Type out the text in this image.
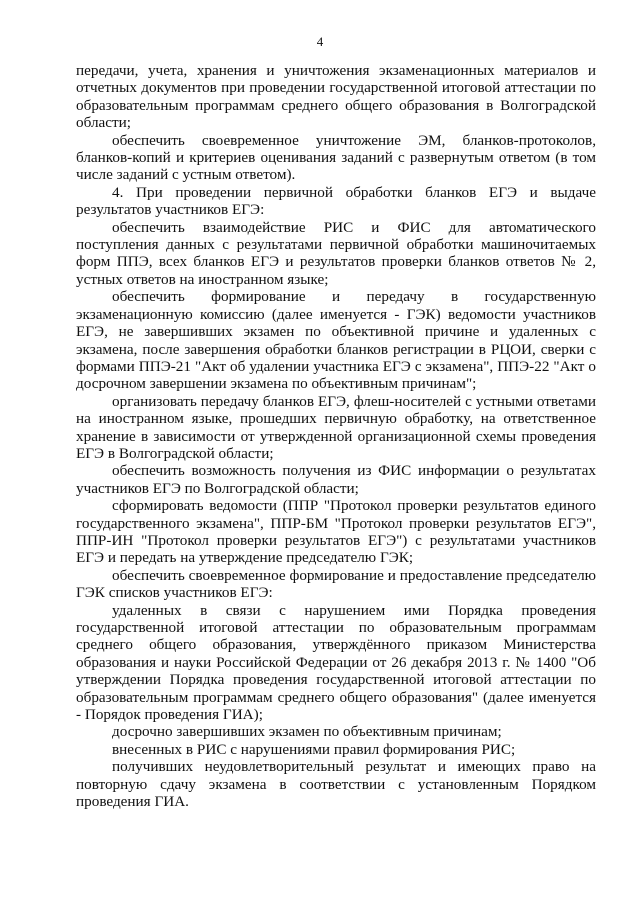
4

передачи, учета, хранения и уничтожения экзаменационных материалов и отчетных документов при проведении государственной итоговой аттестации по образовательным программам среднего общего образования в Волгоградской области;

обеспечить своевременное уничтожение ЭМ, бланков-протоколов, бланков-копий и критериев оценивания заданий с развернутым ответом (в том числе заданий с устным ответом).

4. При проведении первичной обработки бланков ЕГЭ и выдаче результатов участников ЕГЭ:

обеспечить взаимодействие РИС и ФИС для автоматического поступления данных с результатами первичной обработки машиночитаемых форм ППЭ, всех бланков ЕГЭ и результатов проверки бланков ответов № 2, устных ответов на иностранном языке;

обеспечить формирование и передачу в государственную экзаменационную комиссию (далее именуется - ГЭК) ведомости участников ЕГЭ, не завершивших экзамен по объективной причине и удаленных с экзамена, после завершения обработки бланков регистрации в РЦОИ, сверки с формами ППЭ-21 "Акт об удалении участника ЕГЭ с экзамена", ППЭ-22 "Акт о досрочном завершении экзамена по объективным причинам";

организовать передачу бланков ЕГЭ, флеш-носителей с устными ответами на иностранном языке, прошедших первичную обработку, на ответственное хранение в зависимости от утвержденной организационной схемы проведения ЕГЭ в Волгоградской области;

обеспечить возможность получения из ФИС информации о результатах участников ЕГЭ по Волгоградской области;

сформировать ведомости (ППР "Протокол проверки результатов единого государственного экзамена", ППР-БМ "Протокол проверки результатов ЕГЭ", ППР-ИН "Протокол проверки результатов ЕГЭ") с результатами участников ЕГЭ и передать на утверждение председателю ГЭК;

обеспечить своевременное формирование и предоставление председателю ГЭК списков участников ЕГЭ:

удаленных в связи с нарушением ими Порядка проведения государственной итоговой аттестации по образовательным программам среднего общего образования, утверждённого приказом Министерства образования и науки Российской Федерации от 26 декабря 2013 г. № 1400 "Об утверждении Порядка проведения государственной итоговой аттестации по образовательным программам среднего общего образования" (далее именуется - Порядок проведения ГИА);

досрочно завершивших экзамен по объективным причинам;

внесенных в РИС с нарушениями правил формирования РИС;

получивших неудовлетворительный результат и имеющих право на повторную сдачу экзамена в соответствии с установленным Порядком проведения ГИА.
